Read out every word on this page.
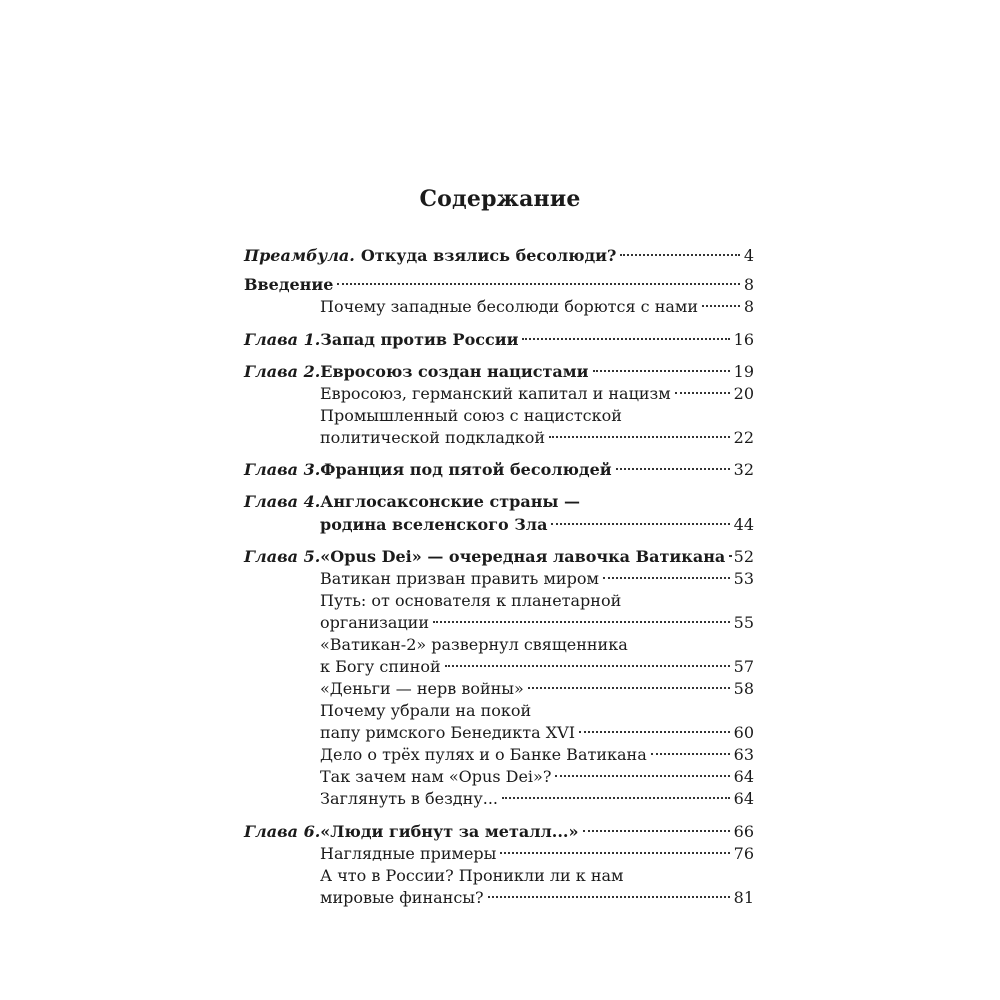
Содержание
Преамбула. Откуда взялись бесолюди?	4
Введение	8
Почему западные бесолюди борются с нами	8
Глава 1. Запад против России	16
Глава 2. Евросоюз создан нацистами	19
Евросоюз, германский капитал и нацизм	20
Промышленный союз с нацистской
политической подкладкой	22
Глава 3. Франция под пятой бесолюдей	32
Глава 4. Англосаксонские страны —
родина вселенского Зла	44
Глава 5. «Opus Dei» — очередная лавочка Ватикана 52
Ватикан призван править миром	53
Путь: от основателя к планетарной
организации	55
«Ватикан-2» развернул священника
к Богу спиной	57
«Деньги — нерв войны»	58
Почему убрали на покой
папу римского Бенедикта XVI	60
Дело о трёх пулях и о Банке Ватикана	63
Так зачем нам «Opus Dei»?	64
Заглянуть в бездну...	64
Глава 6. «Люди гибнут за металл...»	66
Наглядные примеры	76
А что в России? Проникли ли к нам
мировые финансы?	81
